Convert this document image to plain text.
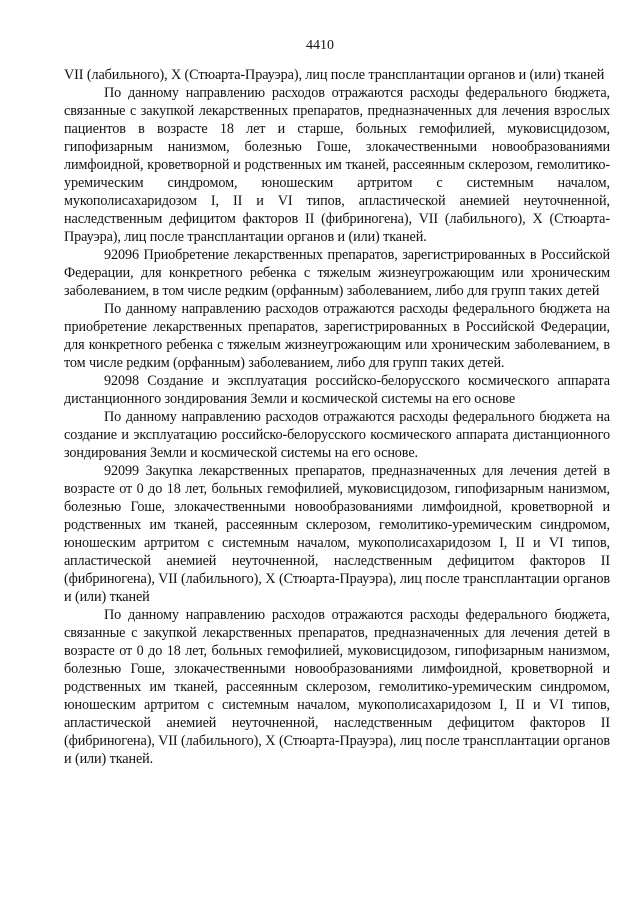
4410

VII (лабильного), X (Стюарта-Прауэра), лиц после трансплантации органов и (или) тканей

По данному направлению расходов отражаются расходы федерального бюджета, связанные с закупкой лекарственных препаратов, предназначенных для лечения взрослых пациентов в возрасте 18 лет и старше, больных гемофилией, муковисцидозом, гипофизарным нанизмом, болезнью Гоше, злокачественными новообразованиями лимфоидной, кроветворной и родственных им тканей, рассеянным склерозом, гемолитико-уремическим синдромом, юношеским артритом с системным началом, мукополисахаридозом I, II и VI типов, апластической анемией неуточненной, наследственным дефицитом факторов II (фибриногена), VII (лабильного), X (Стюарта-Прауэра), лиц после трансплантации органов и (или) тканей.

92096 Приобретение лекарственных препаратов, зарегистрированных в Российской Федерации, для конкретного ребенка с тяжелым жизнеугрожающим или хроническим заболеванием, в том числе редким (орфанным) заболеванием, либо для групп таких детей

По данному направлению расходов отражаются расходы федерального бюджета на приобретение лекарственных препаратов, зарегистрированных в Российской Федерации, для конкретного ребенка с тяжелым жизнеугрожающим или хроническим заболеванием, в том числе редким (орфанным) заболеванием, либо для групп таких детей.

92098 Создание и эксплуатация российско-белорусского космического аппарата дистанционного зондирования Земли и космической системы на его основе

По данному направлению расходов отражаются расходы федерального бюджета на создание и эксплуатацию российско-белорусского космического аппарата дистанционного зондирования Земли и космической системы на его основе.

92099 Закупка лекарственных препаратов, предназначенных для лечения детей в возрасте от 0 до 18 лет, больных гемофилией, муковисцидозом, гипофизарным нанизмом, болезнью Гоше, злокачественными новообразованиями лимфоидной, кроветворной и родственных им тканей, рассеянным склерозом, гемолитико-уремическим синдромом, юношеским артритом с системным началом, мукополисахаридозом I, II и VI типов, апластической анемией неуточненной, наследственным дефицитом факторов II (фибриногена), VII (лабильного), X (Стюарта-Прауэра), лиц после трансплантации органов и (или) тканей

По данному направлению расходов отражаются расходы федерального бюджета, связанные с закупкой лекарственных препаратов, предназначенных для лечения детей в возрасте от 0 до 18 лет, больных гемофилией, муковисцидозом, гипофизарным нанизмом, болезнью Гоше, злокачественными новообразованиями лимфоидной, кроветворной и родственных им тканей, рассеянным склерозом, гемолитико-уремическим синдромом, юношеским артритом с системным началом, мукополисахаридозом I, II и VI типов, апластической анемией неуточненной, наследственным дефицитом факторов II (фибриногена), VII (лабильного), X (Стюарта-Прауэра), лиц после трансплантации органов и (или) тканей.
